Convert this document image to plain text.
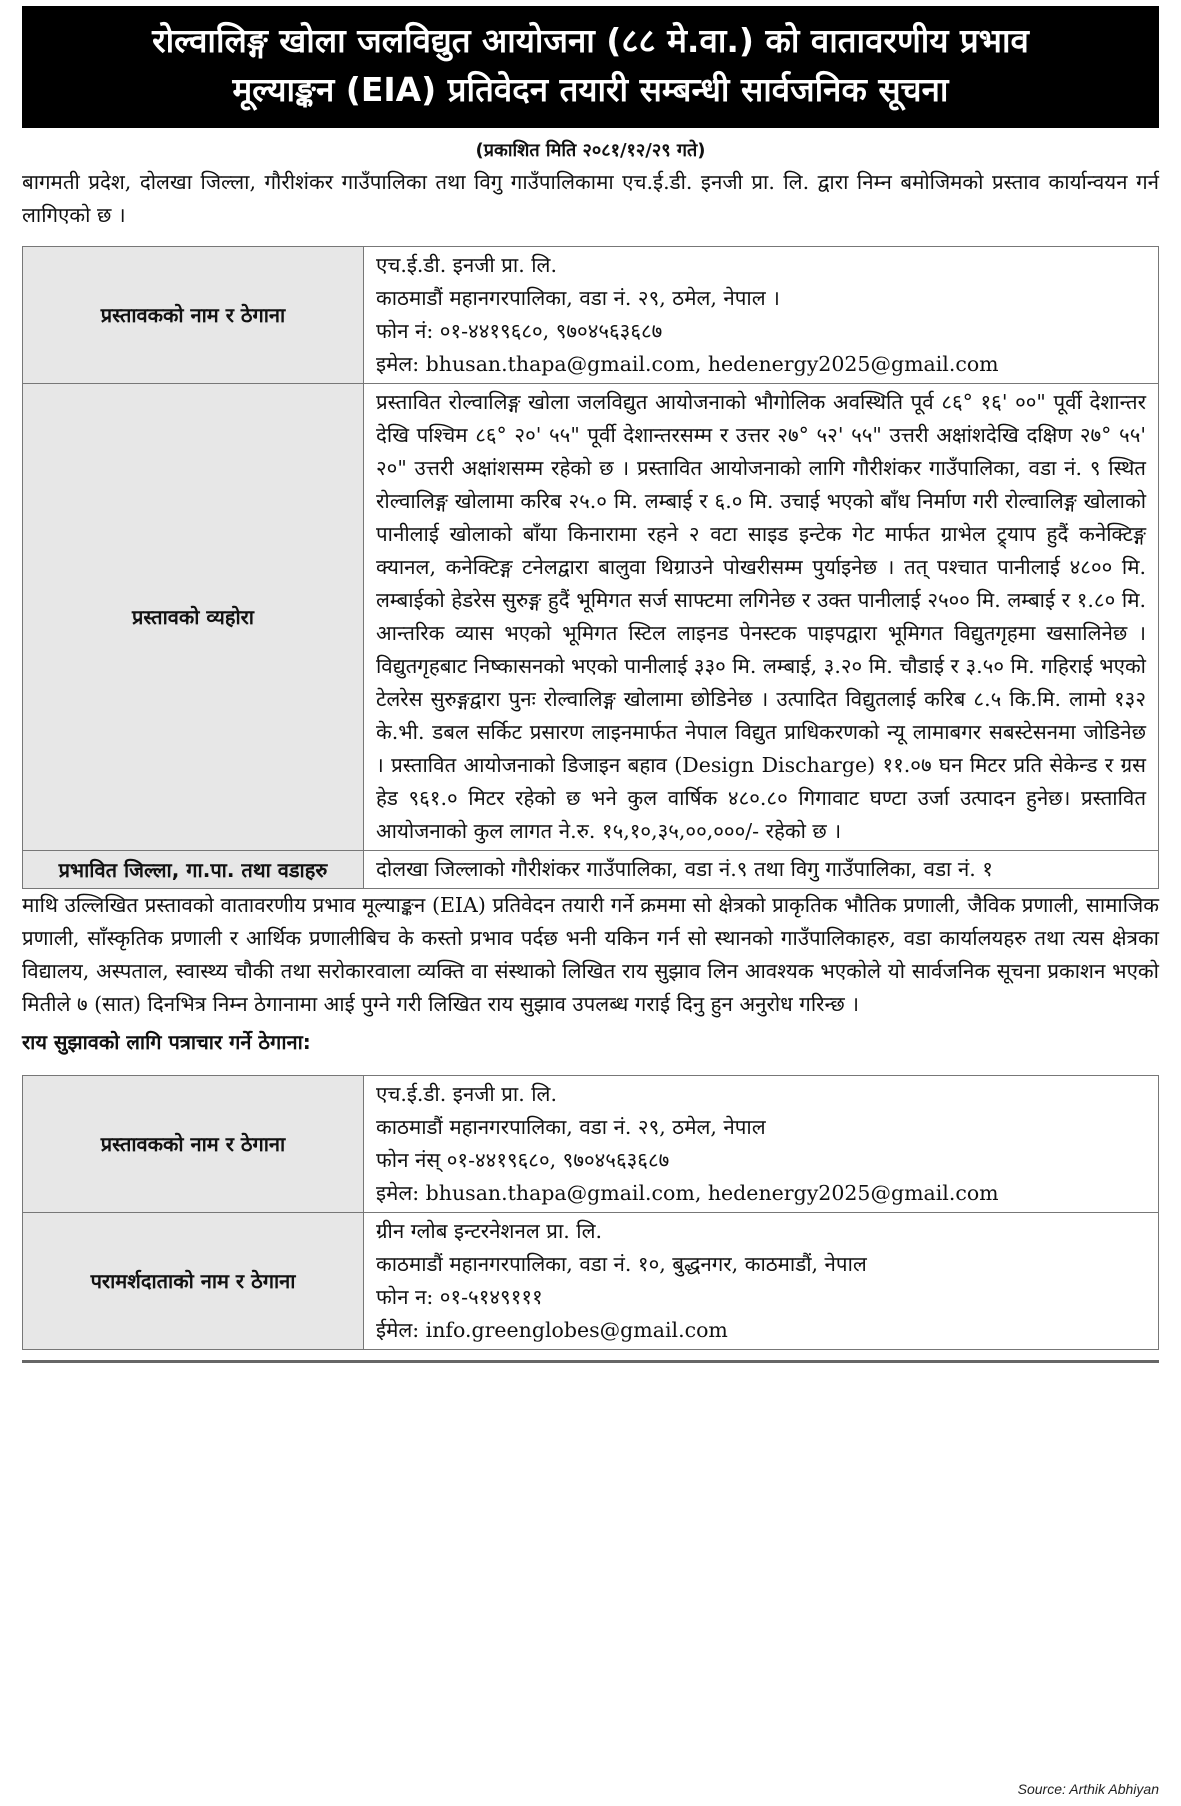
रोल्वालिङ्ग खोला जलविद्युत आयोजना (८८ मे.वा.) को वातावरणीय प्रभाव
मूल्याङ्कन (EIA) प्रतिवेदन तयारी सम्बन्धी सार्वजनिक सूचना
(प्रकाशित मिति २०८१/१२/२९ गते)

बागमती प्रदेश, दोलखा जिल्ला, गौरीशंकर गाउँपालिका तथा विगु गाउँपालिकामा एच.ई.डी. इनजी प्रा. लि. द्वारा निम्न बमोजिमको प्रस्ताव कार्यान्वयन गर्न लागिएको छ ।

प्रस्तावकको नाम र ठेगाना	एच.ई.डी. इनजी प्रा. लि.
काठमाडौं महानगरपालिका, वडा नं. २९, ठमेल, नेपाल ।
फोन नं: ०१-४४१९६८०, ९७०४५६३६८७
इमेल: bhusan.thapa@gmail.com, hedenergy2025@gmail.com

प्रस्तावको व्यहोरा	प्रस्तावित रोल्वालिङ्ग खोला जलविद्युत आयोजनाको भौगोलिक अवस्थिति पूर्व ८६° १६' ००" पूर्वी देशान्तर देखि पश्चिम ८६° २०' ५५" पूर्वी देशान्तरसम्म र उत्तर २७° ५२' ५५" उत्तरी अक्षांशदेखि दक्षिण २७° ५५' २०" उत्तरी अक्षांशसम्म रहेको छ । प्रस्तावित आयोजनाको लागि गौरीशंकर गाउँपालिका, वडा नं. ९ स्थित रोल्वालिङ्ग खोलामा करिब २५.० मि. लम्बाई र ६.० मि. उचाई भएको बाँध निर्माण गरी रोल्वालिङ्ग खोलाको पानीलाई खोलाको बाँया किनारामा रहने २ वटा साइड इन्टेक गेट मार्फत ग्राभेल ट्र्याप हुदैं कनेक्टिङ्ग क्यानल, कनेक्टिङ्ग टनेलद्वारा बालुवा थिग्राउने पोखरीसम्म पुर्याइनेछ । तत् पश्चात पानीलाई ४८०० मि. लम्बाईको हेडरेस सुरुङ्ग हुदैं भूमिगत सर्ज साफ्टमा लगिनेछ र उक्त पानीलाई २५०० मि. लम्बाई र १.८० मि. आन्तरिक व्यास भएको भूमिगत स्टिल लाइनड पेनस्टक पाइपद्वारा भूमिगत विद्युतगृहमा खसालिनेछ । विद्युतगृहबाट निष्कासनको भएको पानीलाई ३३० मि. लम्बाई, ३.२० मि. चौडाई र ३.५० मि. गहिराई भएको टेलरेस सुरुङ्गद्वारा पुनः रोल्वालिङ्ग खोलामा छोडिनेछ । उत्पादित विद्युतलाई करिब ८.५ कि.मि. लामो १३२ के.भी. डबल सर्किट प्रसारण लाइनमार्फत नेपाल विद्युत प्राधिकरणको न्यू लामाबगर सबस्टेसनमा जोडिनेछ । प्रस्तावित आयोजनाको डिजाइन बहाव (Design Discharge) ११.०७ घन मिटर प्रति सेकेन्ड र ग्रस हेड ९६१.० मिटर रहेको छ भने कुल वार्षिक ४८०.८० गिगावाट घण्टा उर्जा उत्पादन हुनेछ। प्रस्तावित आयोजनाको कुल लागत ने.रु. १५,१०,३५,००,०००/- रहेको छ ।
प्रभावित जिल्ला, गा.पा. तथा वडाहरु	दोलखा जिल्लाको गौरीशंकर गाउँपालिका, वडा नं.९ तथा विगु गाउँपालिका, वडा नं. १

माथि उल्लिखित प्रस्तावको वातावरणीय प्रभाव मूल्याङ्कन (EIA) प्रतिवेदन तयारी गर्ने क्रममा सो क्षेत्रको प्राकृतिक भौतिक प्रणाली, जैविक प्रणाली, सामाजिक प्रणाली, साँस्कृतिक प्रणाली र आर्थिक प्रणालीबिच के कस्तो प्रभाव पर्दछ भनी यकिन गर्न सो स्थानको गाउँपालिकाहरु, वडा कार्यालयहरु तथा त्यस क्षेत्रका विद्यालय, अस्पताल, स्वास्थ्य चौकी तथा सरोकारवाला व्यक्ति वा संस्थाको लिखित राय सुझाव लिन आवश्यक भएकोले यो सार्वजनिक सूचना प्रकाशन भएको मितीले ७ (सात) दिनभित्र निम्न ठेगानामा आई पुग्ने गरी लिखित राय सुझाव उपलब्ध गराई दिनु हुन अनुरोध गरिन्छ ।

राय सुझावको लागि पत्राचार गर्ने ठेगाना:
प्रस्तावकको नाम र ठेगाना	एच.ई.डी. इनजी प्रा. लि.
काठमाडौं महानगरपालिका, वडा नं. २९, ठमेल, नेपाल
फोन नंस् ०१-४४१९६८०, ९७०४५६३६८७
इमेल: bhusan.thapa@gmail.com, hedenergy2025@gmail.com

परामर्शदाताको नाम र ठेगाना	ग्रीन ग्लोब इन्टरनेशनल प्रा. लि.
काठमाडौं महानगरपालिका, वडा नं. १०, बुद्धनगर, काठमाडौं, नेपाल
फोन न: ०१-५१४९१११
ईमेल: info.greenglobes@gmail.com
Source: Arthik Abhiyan
